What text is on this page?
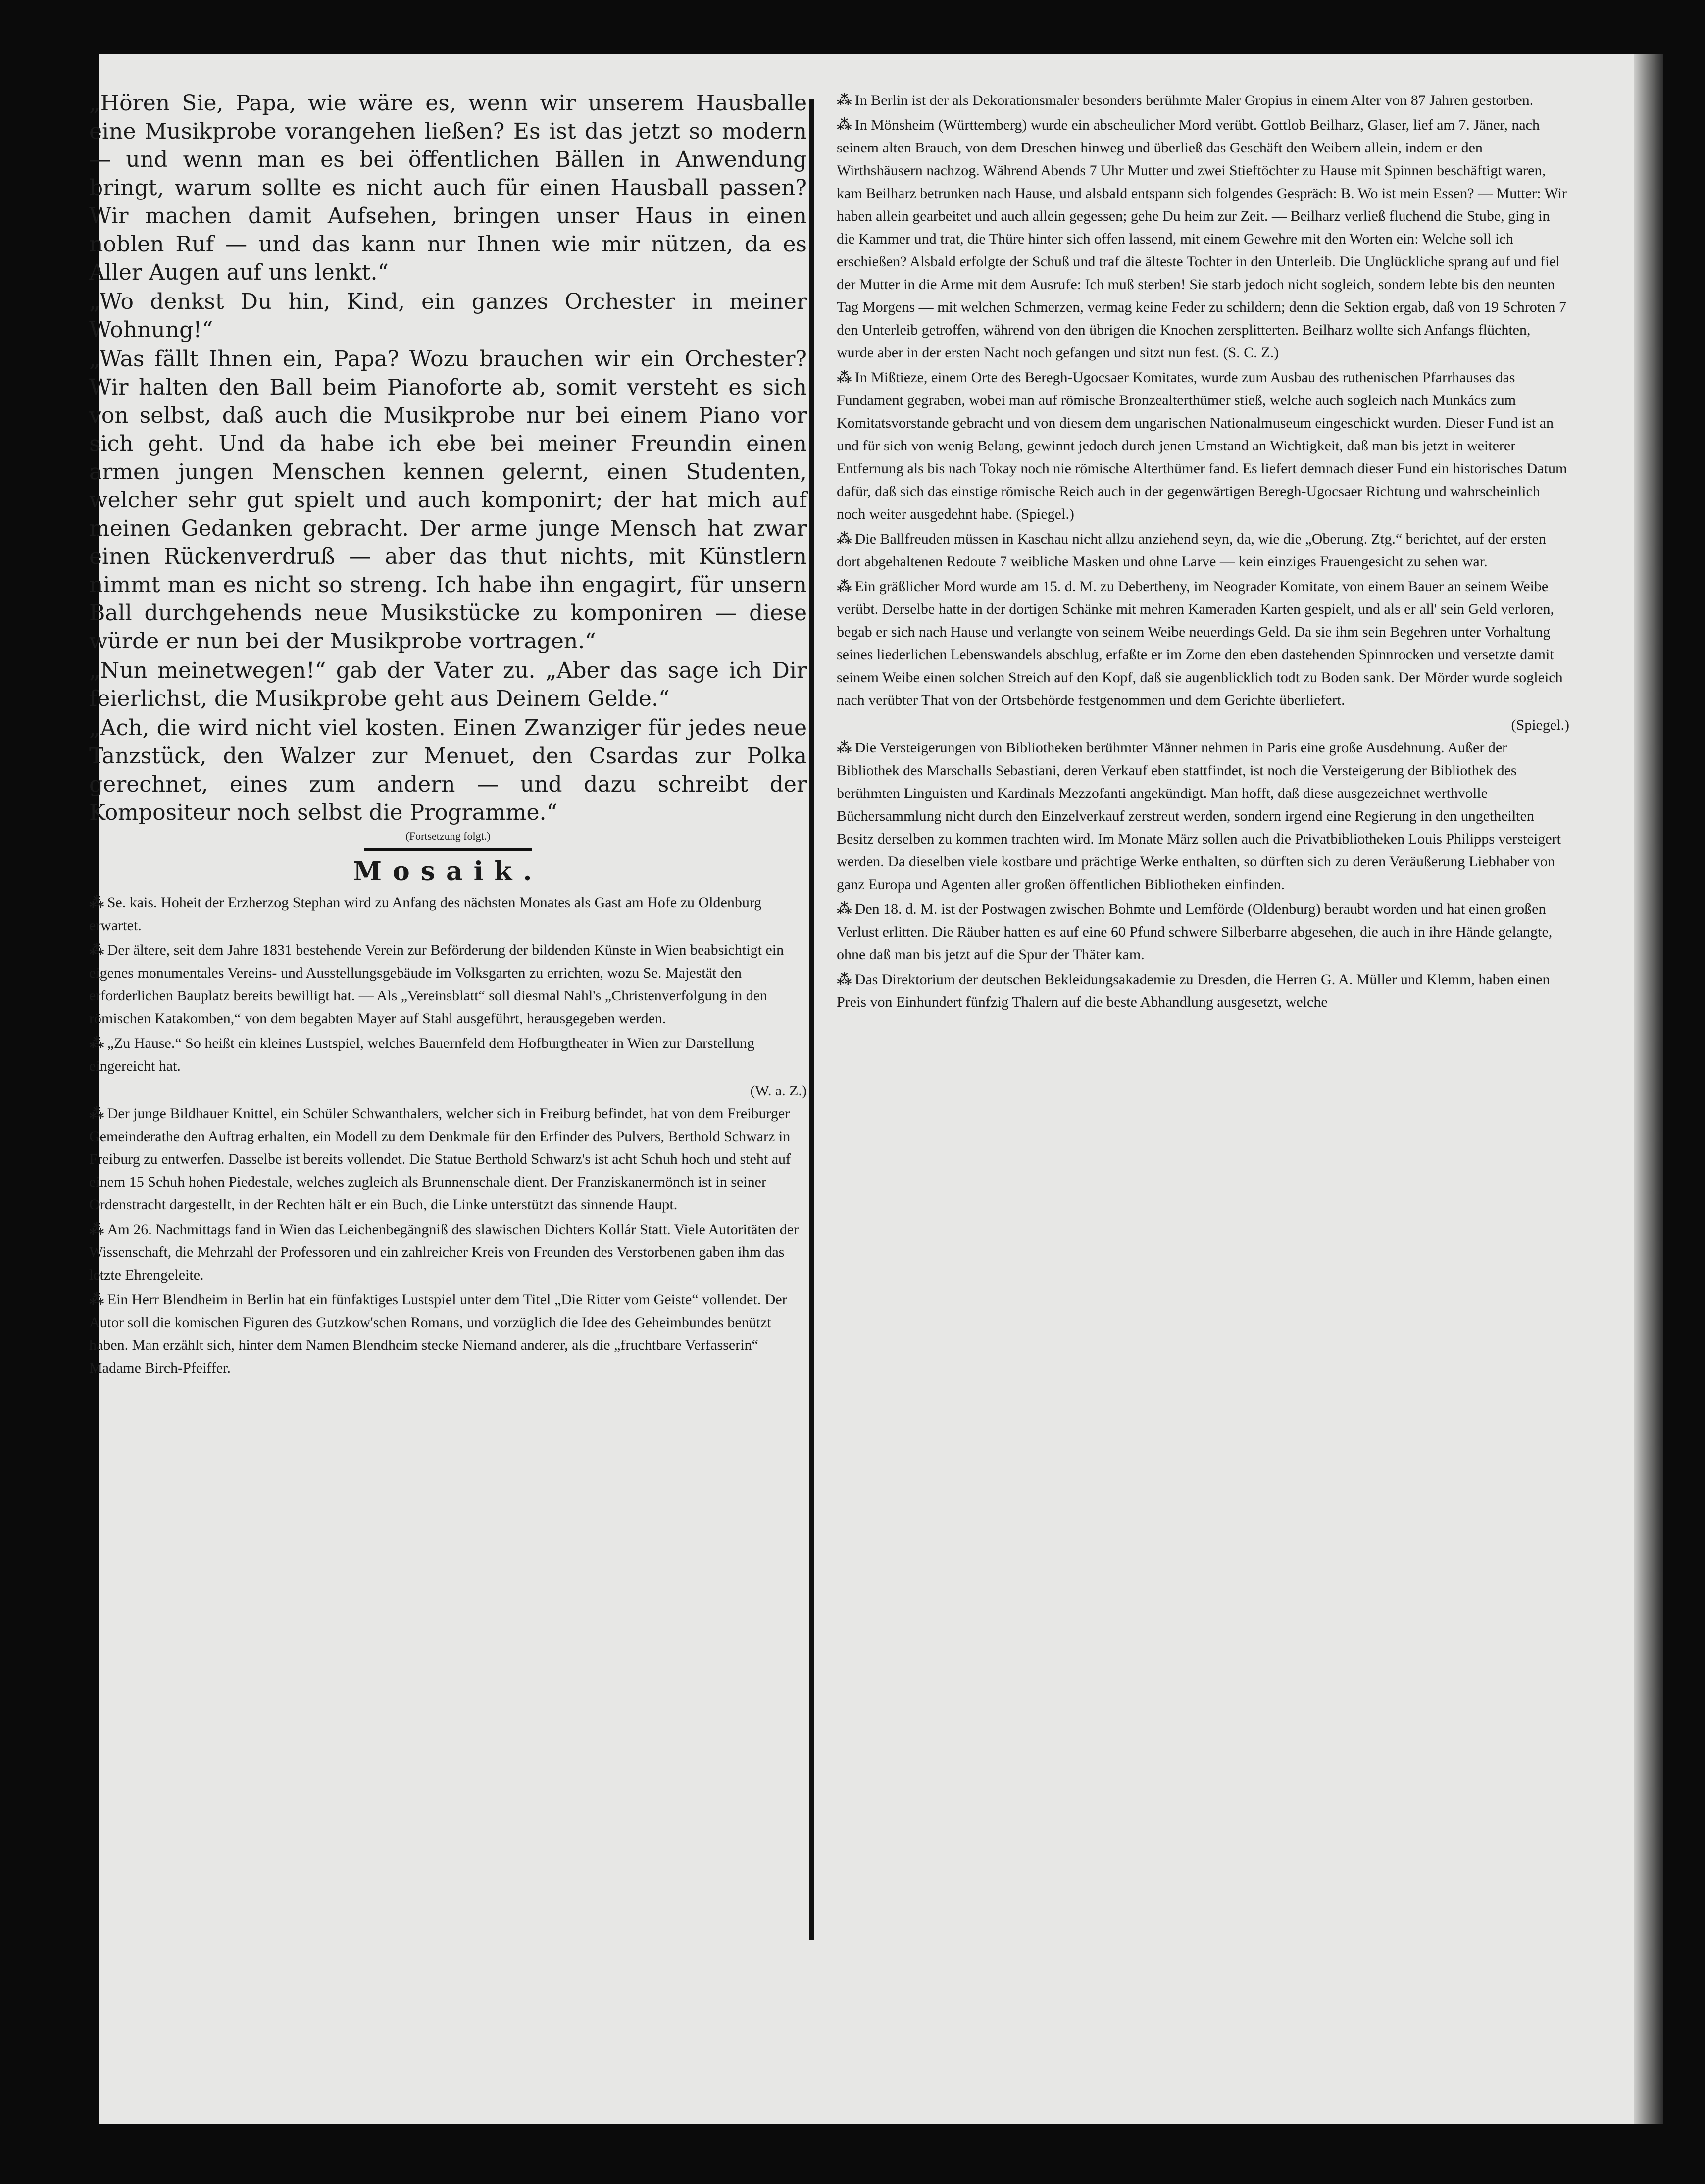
„Hören Sie, Papa, wie wäre es, wenn wir unserem Hausballe eine Musikprobe vorangehen ließen? Es ist das jetzt so modern — und wenn man es bei öffentlichen Bällen in Anwendung bringt, warum sollte es nicht auch für einen Hausball passen? Wir machen damit Aufsehen, bringen unser Haus in einen noblen Ruf — und das kann nur Ihnen wie mir nützen, da es Aller Augen auf uns lenkt.“

„Wo denkst Du hin, Kind, ein ganzes Orchester in meiner Wohnung!“

„Was fällt Ihnen ein, Papa? Wozu brauchen wir ein Orchester? Wir halten den Ball beim Pianoforte ab, somit versteht es sich von selbst, daß auch die Musikprobe nur bei einem Piano vor sich geht. Und da habe ich ebe bei meiner Freundin einen armen jungen Menschen kennen gelernt, einen Studenten, welcher sehr gut spielt und auch komponirt; der hat mich auf meinen Gedanken gebracht. Der arme junge Mensch hat zwar einen Rückenverdruß — aber das thut nichts, mit Künstlern nimmt man es nicht so streng. Ich habe ihn engagirt, für unsern Ball durchgehends neue Musikstücke zu komponiren — diese würde er nun bei der Musikprobe vortragen.“

„Nun meinetwegen!“ gab der Vater zu. „Aber das sage ich Dir feierlichst, die Musikprobe geht aus Deinem Gelde.“

„Ach, die wird nicht viel kosten. Einen Zwanziger für jedes neue Tanzstück, den Walzer zur Menuet, den Csardas zur Polka gerechnet, eines zum andern — und dazu schreibt der Kompositeur noch selbst die Programme.“

(Fortsetzung folgt.)
Mosaik.
⁂ Se. kais. Hoheit der Erzherzog Stephan wird zu Anfang des nächsten Monates als Gast am Hofe zu Oldenburg erwartet.
⁂ Der ältere, seit dem Jahre 1831 bestehende Verein zur Beförderung der bildenden Künste in Wien beabsichtigt ein eigenes monumentales Vereins- und Ausstellungsgebäude im Volksgarten zu errichten, wozu Se. Majestät den erforderlichen Bauplatz bereits bewilligt hat. — Als „Vereinsblatt“ soll diesmal Nahl's „Christenverfolgung in den römischen Katakomben,“ von dem begabten Mayer auf Stahl ausgeführt, herausgegeben werden.
⁂ „Zu Hause.“ So heißt ein kleines Lustspiel, welches Bauernfeld dem Hofburgtheater in Wien zur Darstellung eingereicht hat.
(W. a. Z.)
⁂ Der junge Bildhauer Knittel, ein Schüler Schwanthalers, welcher sich in Freiburg befindet, hat von dem Freiburger Gemeinderathe den Auftrag erhalten, ein Modell zu dem Denkmale für den Erfinder des Pulvers, Berthold Schwarz in Freiburg zu entwerfen. Dasselbe ist bereits vollendet. Die Statue Berthold Schwarz's ist acht Schuh hoch und steht auf einem 15 Schuh hohen Piedestale, welches zugleich als Brunnenschale dient. Der Franziskanermönch ist in seiner Ordenstracht dargestellt, in der Rechten hält er ein Buch, die Linke unterstützt das sinnende Haupt.
⁂ Am 26. Nachmittags fand in Wien das Leichenbegängniß des slawischen Dichters Kollár Statt. Viele Autoritäten der Wissenschaft, die Mehrzahl der Professoren und ein zahlreicher Kreis von Freunden des Verstorbenen gaben ihm das letzte Ehrengeleite.
⁂ Ein Herr Blendheim in Berlin hat ein fünfaktiges Lustspiel unter dem Titel „Die Ritter vom Geiste“ vollendet. Der Autor soll die komischen Figuren des Gutzkow'schen Romans, und vorzüglich die Idee des Geheimbundes benützt haben. Man erzählt sich, hinter dem Namen Blendheim stecke Niemand anderer, als die „fruchtbare Verfasserin“ Madame Birch-Pfeiffer.
⁂ In Berlin ist der als Dekorationsmaler besonders berühmte Maler Gropius in einem Alter von 87 Jahren gestorben.
⁂ In Mönsheim (Württemberg) wurde ein abscheulicher Mord verübt. Gottlob Beilharz, Glaser, lief am 7. Jäner, nach seinem alten Brauch, von dem Dreschen hinweg und überließ das Geschäft den Weibern allein, indem er den Wirthshäusern nachzog. Während Abends 7 Uhr Mutter und zwei Stieftöchter zu Hause mit Spinnen beschäftigt waren, kam Beilharz betrunken nach Hause, und alsbald entspann sich folgendes Gespräch: B. Wo ist mein Essen? — Mutter: Wir haben allein gearbeitet und auch allein gegessen; gehe Du heim zur Zeit. — Beilharz verließ fluchend die Stube, ging in die Kammer und trat, die Thüre hinter sich offen lassend, mit einem Gewehre mit den Worten ein: Welche soll ich erschießen? Alsbald erfolgte der Schuß und traf die älteste Tochter in den Unterleib. Die Unglückliche sprang auf und fiel der Mutter in die Arme mit dem Ausrufe: Ich muß sterben! Sie starb jedoch nicht sogleich, sondern lebte bis den neunten Tag Morgens — mit welchen Schmerzen, vermag keine Feder zu schildern; denn die Sektion ergab, daß von 19 Schroten 7 den Unterleib getroffen, während von den übrigen die Knochen zersplitterten. Beilharz wollte sich Anfangs flüchten, wurde aber in der ersten Nacht noch gefangen und sitzt nun fest. (S. C. Z.)
⁂ In Mißtieze, einem Orte des Beregh-Ugocsaer Komitates, wurde zum Ausbau des ruthenischen Pfarrhauses das Fundament gegraben, wobei man auf römische Bronzealterthümer stieß, welche auch sogleich nach Munkács zum Komitatsvorstande gebracht und von diesem dem ungarischen Nationalmuseum eingeschickt wurden. Dieser Fund ist an und für sich von wenig Belang, gewinnt jedoch durch jenen Umstand an Wichtigkeit, daß man bis jetzt in weiterer Entfernung als bis nach Tokay noch nie römische Alterthümer fand. Es liefert demnach dieser Fund ein historisches Datum dafür, daß sich das einstige römische Reich auch in der gegenwärtigen Beregh-Ugocsaer Richtung und wahrscheinlich noch weiter ausgedehnt habe. (Spiegel.)
⁂ Die Ballfreuden müssen in Kaschau nicht allzu anziehend seyn, da, wie die „Oberung. Ztg.“ berichtet, auf der ersten dort abgehaltenen Redoute 7 weibliche Masken und ohne Larve — kein einziges Frauengesicht zu sehen war.
⁂ Ein gräßlicher Mord wurde am 15. d. M. zu Debertheny, im Neograder Komitate, von einem Bauer an seinem Weibe verübt. Derselbe hatte in der dortigen Schänke mit mehren Kameraden Karten gespielt, und als er all' sein Geld verloren, begab er sich nach Hause und verlangte von seinem Weibe neuerdings Geld. Da sie ihm sein Begehren unter Vorhaltung seines liederlichen Lebenswandels abschlug, erfaßte er im Zorne den eben dastehenden Spinnrocken und versetzte damit seinem Weibe einen solchen Streich auf den Kopf, daß sie augenblicklich todt zu Boden sank. Der Mörder wurde sogleich nach verübter That von der Ortsbehörde festgenommen und dem Gerichte überliefert.
(Spiegel.)
⁂ Die Versteigerungen von Bibliotheken berühmter Männer nehmen in Paris eine große Ausdehnung. Außer der Bibliothek des Marschalls Sebastiani, deren Verkauf eben stattfindet, ist noch die Versteigerung der Bibliothek des berühmten Linguisten und Kardinals Mezzofanti angekündigt. Man hofft, daß diese ausgezeichnet werthvolle Büchersammlung nicht durch den Einzelverkauf zerstreut werden, sondern irgend eine Regierung in den ungetheilten Besitz derselben zu kommen trachten wird. Im Monate März sollen auch die Privatbibliotheken Louis Philipps versteigert werden. Da dieselben viele kostbare und prächtige Werke enthalten, so dürften sich zu deren Veräußerung Liebhaber von ganz Europa und Agenten aller großen öffentlichen Bibliotheken einfinden.
⁂ Den 18. d. M. ist der Postwagen zwischen Bohmte und Lemförde (Oldenburg) beraubt worden und hat einen großen Verlust erlitten. Die Räuber hatten es auf eine 60 Pfund schwere Silberbarre abgesehen, die auch in ihre Hände gelangte, ohne daß man bis jetzt auf die Spur der Thäter kam.
⁂ Das Direktorium der deutschen Bekleidungsakademie zu Dresden, die Herren G. A. Müller und Klemm, haben einen Preis von Einhundert fünfzig Thalern auf die beste Abhandlung ausgesetzt, welche
